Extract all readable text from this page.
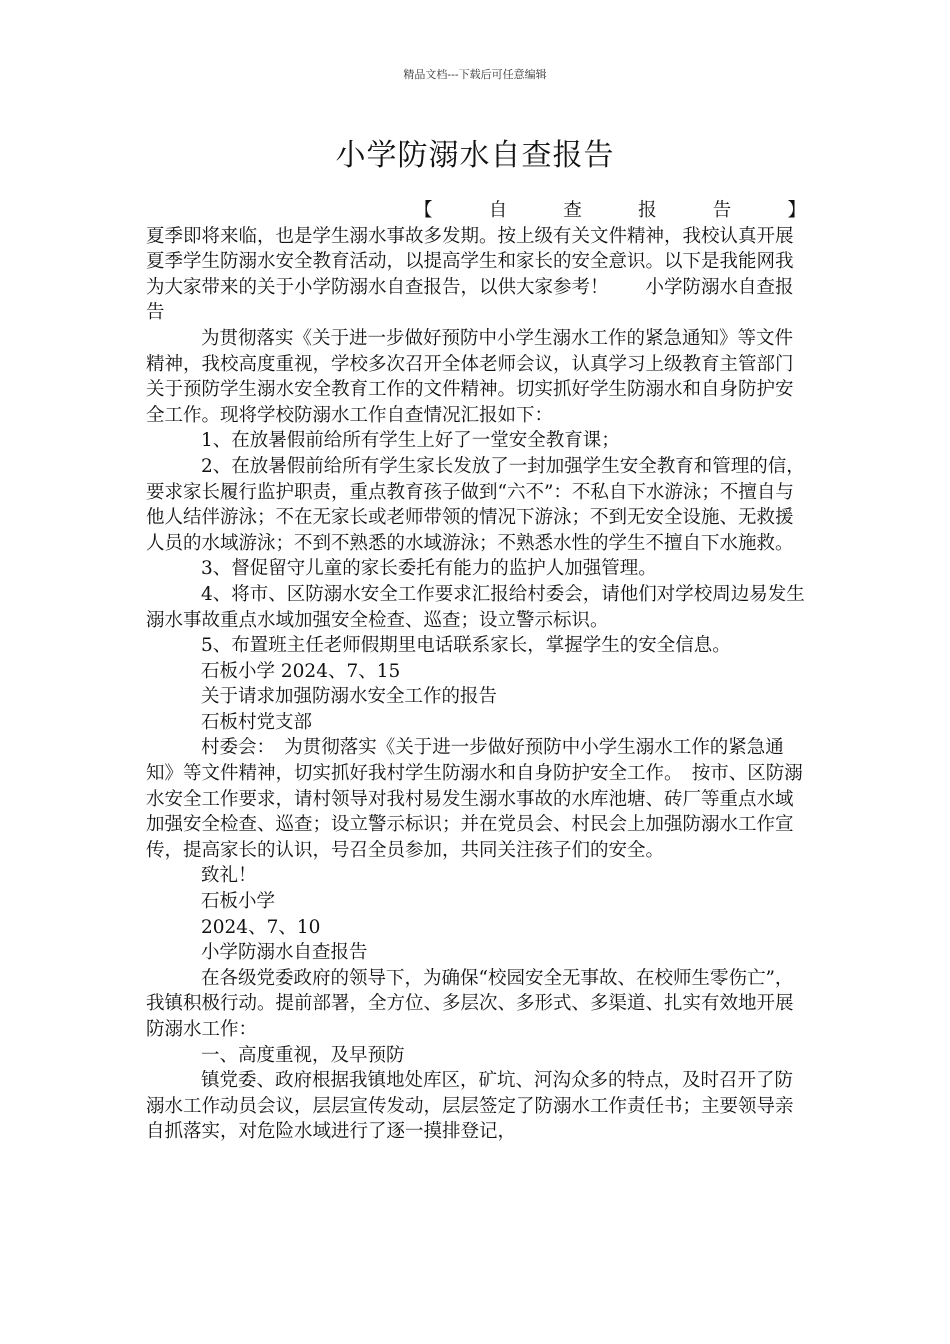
精品文档---下载后可任意编辑
小学防溺水自查报告
【	自	查	报	告	】

夏季即将来临，也是学生溺水事故多发期。按上级有关文件精神，我校认真开展夏季学生防溺水安全教育活动，以提高学生和家长的安全意识。以下是我能网我为大家带来的关于小学防溺水自查报告，以供大家参考！　　小学防溺水自查报告

为贯彻落实《关于进一步做好预防中小学生溺水工作的紧急通知》等文件精神，我校高度重视，学校多次召开全体老师会议，认真学习上级教育主管部门关于预防学生溺水安全教育工作的文件精神。切实抓好学生防溺水和自身防护安全工作。现将学校防溺水工作自查情况汇报如下：

1、在放暑假前给所有学生上好了一堂安全教育课；

2、在放暑假前给所有学生家长发放了一封加强学生安全教育和管理的信，要求家长履行监护职责，重点教育孩子做到“六不”：不私自下水游泳；不擅自与他人结伴游泳；不在无家长或老师带领的情况下游泳；不到无安全设施、无救援人员的水域游泳；不到不熟悉的水域游泳；不熟悉水性的学生不擅自下水施救。

3、督促留守儿童的家长委托有能力的监护人加强管理。

4、将市、区防溺水安全工作要求汇报给村委会，请他们对学校周边易发生溺水事故重点水域加强安全检查、巡查；设立警示标识。

5、布置班主任老师假期里电话联系家长，掌握学生的安全信息。

石板小学 2024、7、15

关于请求加强防溺水安全工作的报告

石板村党支部

村委会：　为贯彻落实《关于进一步做好预防中小学生溺水工作的紧急通知》等文件精神，切实抓好我村学生防溺水和自身防护安全工作。　按市、区防溺水安全工作要求，请村领导对我村易发生溺水事故的水库池塘、砖厂等重点水域加强安全检查、巡查；设立警示标识；并在党员会、村民会上加强防溺水工作宣传，提高家长的认识，号召全员参加，共同关注孩子们的安全。

致礼！

石板小学

2024、7、10

小学防溺水自查报告

在各级党委政府的领导下，为确保“校园安全无事故、在校师生零伤亡”，我镇积极行动。提前部署，全方位、多层次、多形式、多渠道、扎实有效地开展防溺水工作：

一、高度重视，及早预防

镇党委、政府根据我镇地处库区，矿坑、河沟众多的特点，及时召开了防溺水工作动员会议，层层宣传发动，层层签定了防溺水工作责任书；主要领导亲自抓落实，对危险水域进行了逐一摸排登记，
